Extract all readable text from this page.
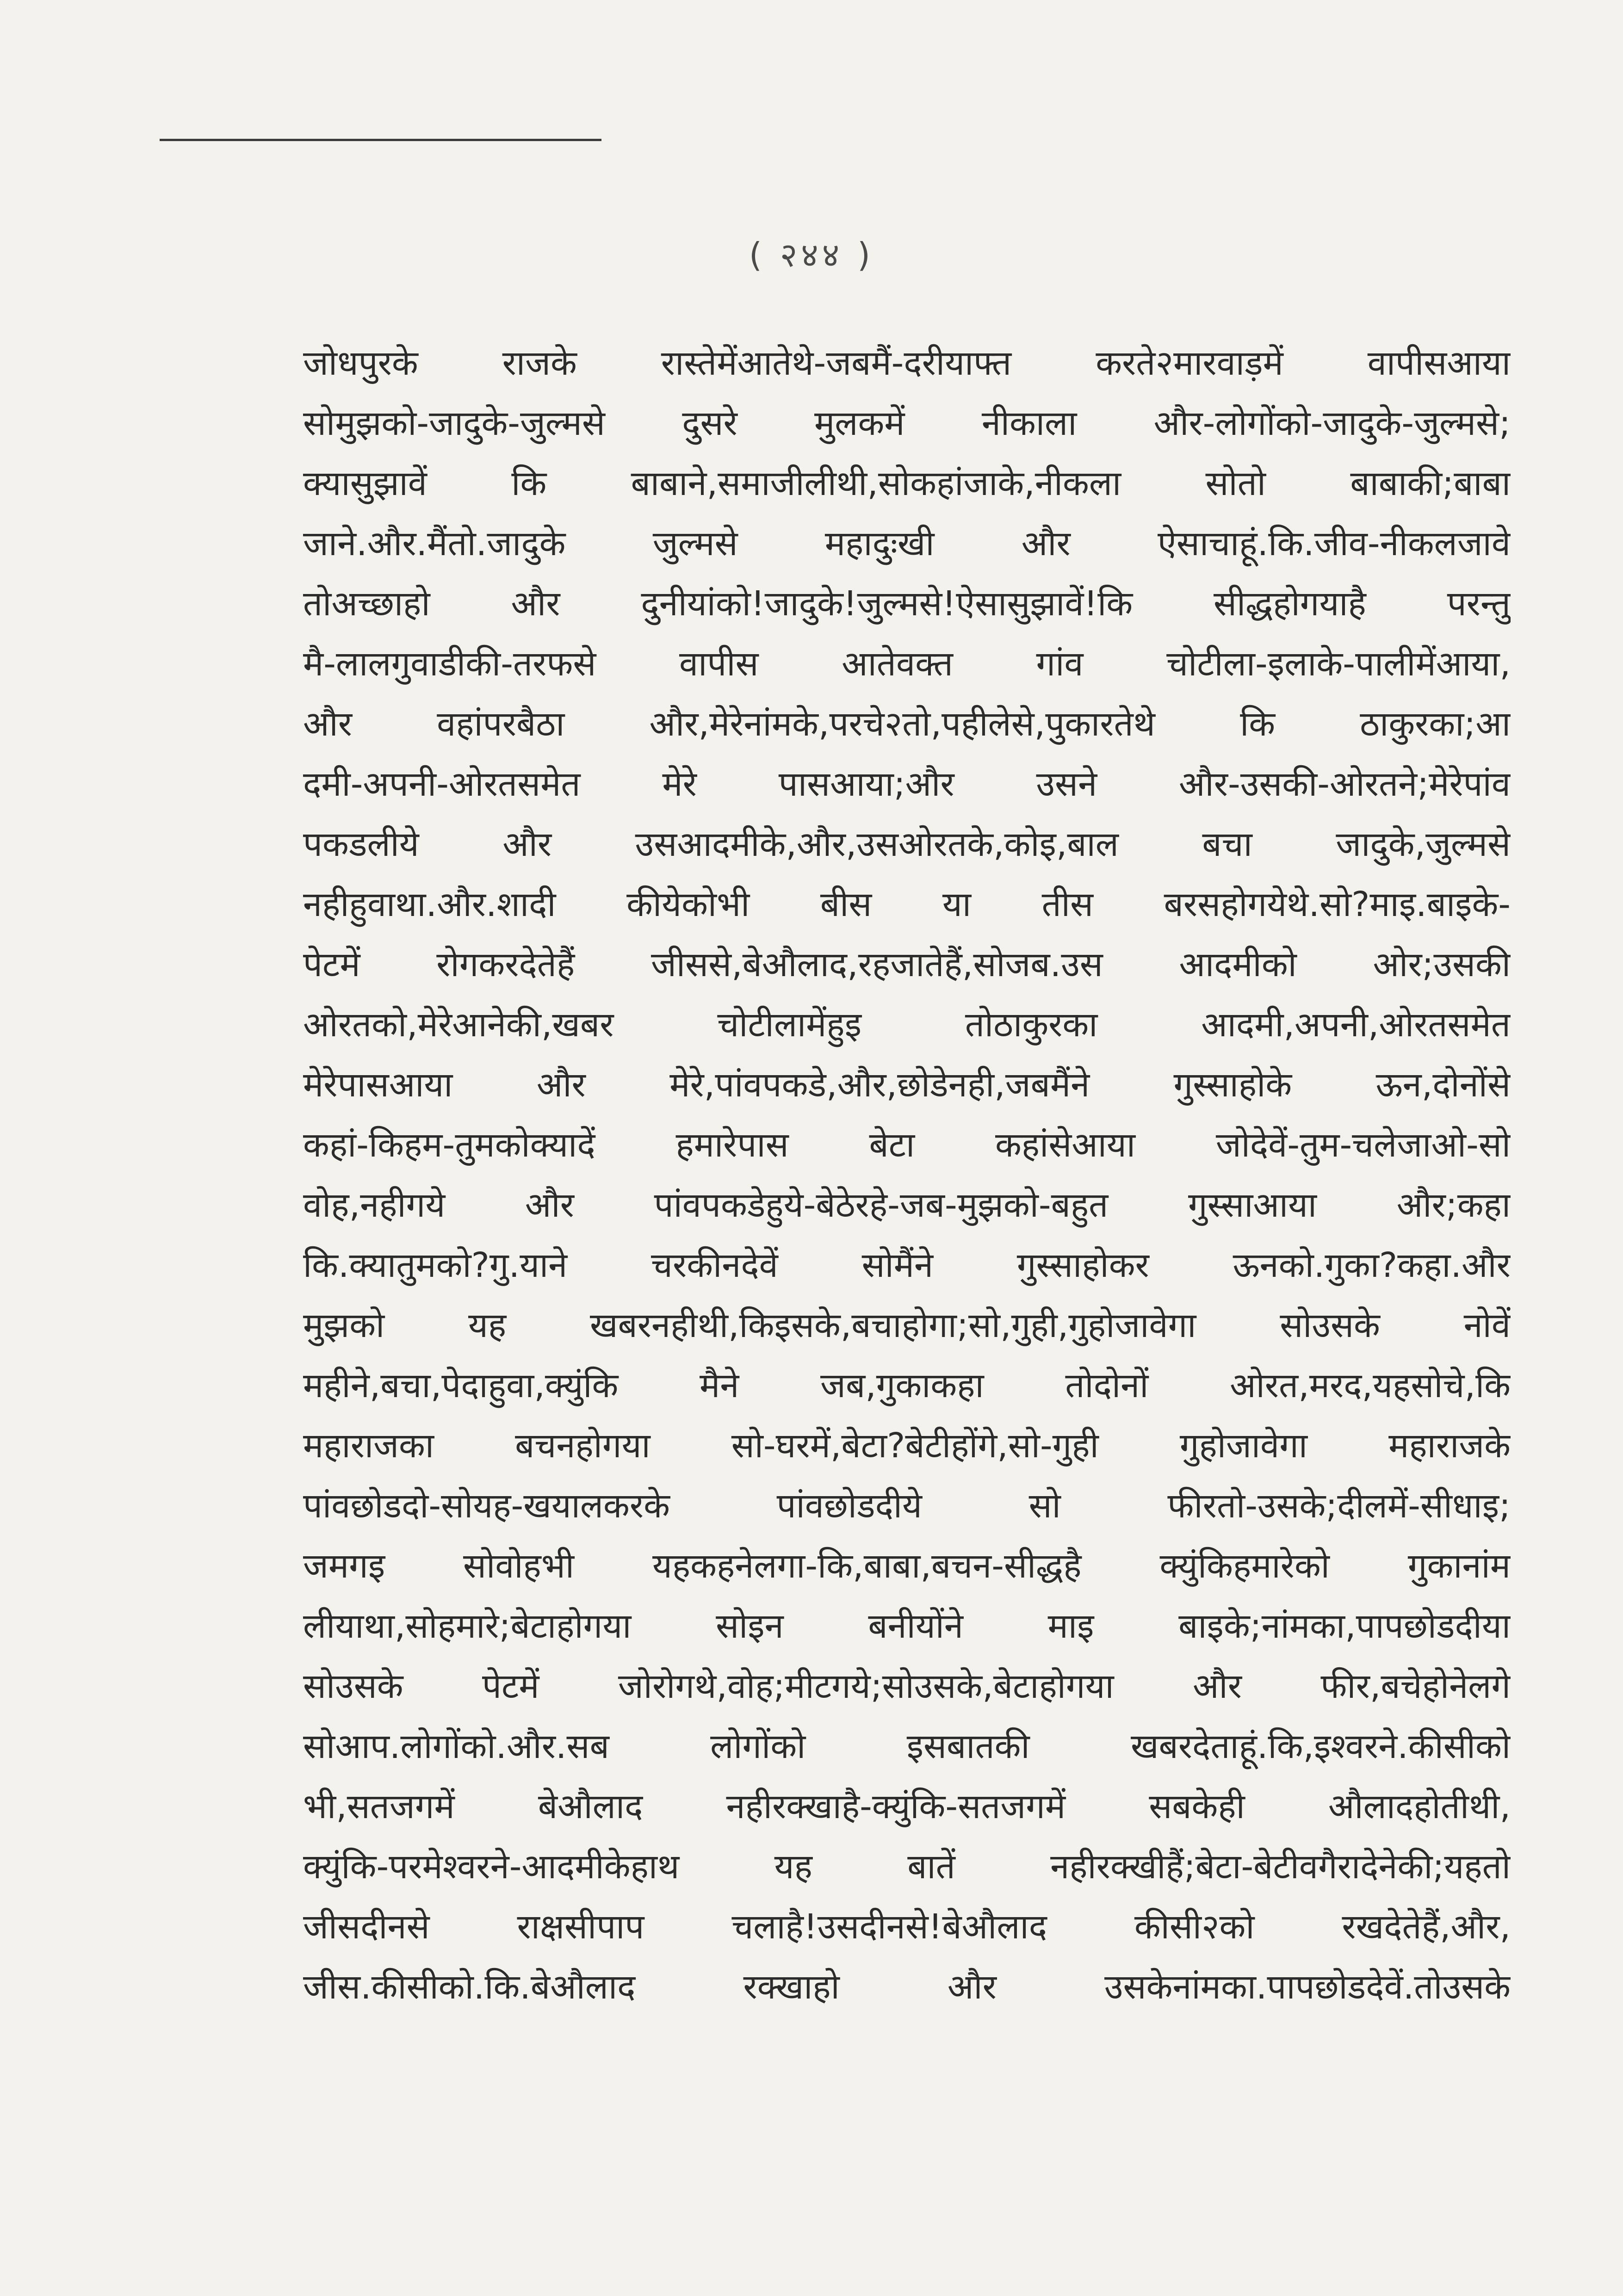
( २४४ )
जोधपुरके राजके रास्तेमेंआतेथे-जबमैं-दरीयाफ्त करते२मारवाड़में वापीसआया
सोमुझको-जादुके-जुल्मसे दुसरे मुलकमें नीकाला और-लोगोंको-जादुके-जुल्मसे;
क्यासुझावें कि बाबाने,समाजीलीथी,सोकहांजाके,नीकला सोतो बाबाकी;बाबा
जाने.और.मैंतो.जादुके जुल्मसे महादुःखी और ऐसाचाहूं.कि.जीव-नीकलजावे
तोअच्छाहो और दुनीयांको!जादुके!जुल्मसे!ऐसासुझावें!कि सीद्धहोगयाहै परन्तु
मै-लालगुवाडीकी-तरफसे वापीस आतेवक्त गांव चोटीला-इलाके-पालीमेंआया,
और वहांपरबैठा और,मेरेनांमके,परचे२तो,पहीलेसे,पुकारतेथे कि ठाकुरका;आ
दमी-अपनी-ओरतसमेत मेरे पासआया;और उसने और-उसकी-ओरतने;मेरेपांव
पकडलीये और उसआदमीके,और,उसओरतके,कोइ,बाल बचा जादुके,जुल्मसे
नहीहुवाथा.और.शादी कीयेकोभी बीस या तीस बरसहोगयेथे.सो?माइ.बाइके-
पेटमें रोगकरदेतेहैं जीससे,बेऔलाद,रहजातेहैं,सोजब.उस आदमीको ओर;उसकी
ओरतको,मेरेआनेकी,खबर चोटीलामेंहुइ तोठाकुरका आदमी,अपनी,ओरतसमेत
मेरेपासआया और मेरे,पांवपकडे,और,छोडेनही,जबमैंने गुस्साहोके ऊन,दोनोंसे
कहां-किहम-तुमकोक्यादें हमारेपास बेटा कहांसेआया जोदेवें-तुम-चलेजाओ-सो
वोह,नहीगये और पांवपकडेहुये-बेठेरहे-जब-मुझको-बहुत गुस्साआया और;कहा
कि.क्यातुमको?गु.याने चरकीनदेवें सोमैंने गुस्साहोकर ऊनको.गुका?कहा.और
मुझको यह खबरनहीथी,किइसके,बचाहोगा;सो,गुही,गुहोजावेगा सोउसके नोवें
महीने,बचा,पेदाहुवा,क्युंकि मैने जब,गुकाकहा तोदोनों ओरत,मरद,यहसोचे,कि
महाराजका बचनहोगया सो-घरमें,बेटा?बेटीहोंगे,सो-गुही गुहोजावेगा महाराजके
पांवछोडदो-सोयह-खयालकरके पांवछोडदीये सो फीरतो-उसके;दीलमें-सीधाइ;
जमगइ सोवोहभी यहकहनेलगा-कि,बाबा,बचन-सीद्धहै क्युंकिहमारेको गुकानांम
लीयाथा,सोहमारे;बेटाहोगया सोइन बनीयोंने माइ बाइके;नांमका,पापछोडदीया
सोउसके पेटमें जोरोगथे,वोह;मीटगये;सोउसके,बेटाहोगया और फीर,बचेहोनेलगे
सोआप.लोगोंको.और.सब लोगोंको इसबातकी खबरदेताहूं.कि,इश्वरने.कीसीको
भी,सतजगमें बेऔलाद नहीरक्खाहै-क्युंकि-सतजगमें सबकेही औलादहोतीथी,
क्युंकि-परमेश्वरने-आदमीकेहाथ यह बातें नहीरक्खीहैं;बेटा-बेटीवगैरादेनेकी;यहतो
जीसदीनसे राक्षसीपाप चलाहै!उसदीनसे!बेऔलाद कीसी२को रखदेतेहैं,और,
जीस.कीसीको.कि.बेऔलाद रक्खाहो और उसकेनांमका.पापछोडदेवें.तोउसके
